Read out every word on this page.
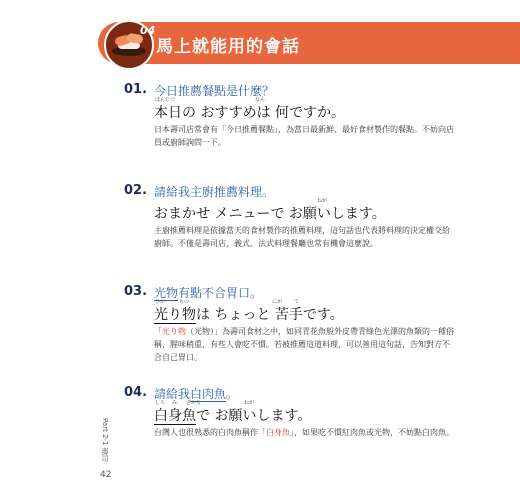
04
馬上就能用的會話
01. 今日推薦餐點是什麼？
本日の おすすめは 何ですか。
ほんじつ	なん
日本壽司店常會有「今日推薦餐點」，為當日最新鮮、最好食材製作的餐點。不妨向店員或廚師詢問一下。
02. 請給我主廚推薦料理。
おまかせ メニューで お願いします。
ねが
主廚推薦料理是依據當天的食材製作的推薦料理，這句話也代表將料理的決定權交給廚師。不僅是壽司店，義式、法式料理餐廳也常有機會這麼說。
03. 光物有點不合胃口。
光り物は ちょっと 苦手です。
ひか	もの	にが て
「光り物（光物）」為壽司食材之中，如同青花魚般外皮帶青綠色光澤的魚類的一種俗稱，腥味稍重，有些人會吃不慣。若被推薦這道料理，可以善用這句話，告知對方不合自己胃口。
04. 請給我白肉魚。
白身魚で お願いします。
しろ み ざかな	ねが
台灣人也很熟悉的白肉魚稱作「白身魚」，如果吃不慣紅肉魚或光物，不妨點白肉魚。
Part 2-1 壽司
42
